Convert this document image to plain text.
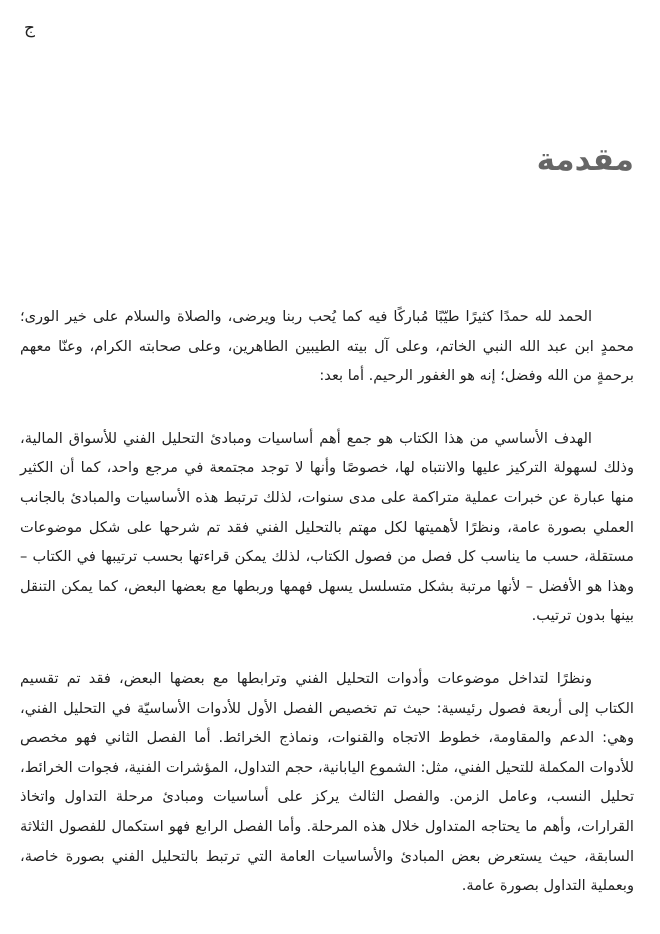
ج
مقدمة

الحمد لله حمدًا كثيرًا طيّبًا مُباركًا فيه كما يُحب ربنا ويرضى، والصلاة والسلام على خير الورى؛ محمدٍ ابن عبد الله النبي الخاتم، وعلى آل بيته الطيبين الطاهرين، وعلى صحابته الكرام، وعنّا معهم برحمةٍ من الله وفضل؛ إنه هو الغفور الرحيم. أما بعد:

الهدف الأساسي من هذا الكتاب هو جمع أهم أساسيات ومبادئ التحليل الفني للأسواق المالية، وذلك لسهولة التركيز عليها والانتباه لها، خصوصًا وأنها لا توجد مجتمعة في مرجع واحد، كما أن الكثير منها عبارة عن خبرات عملية متراكمة على مدى سنوات، لذلك ترتبط هذه الأساسيات والمبادئ بالجانب العملي بصورة عامة، ونظرًا لأهميتها لكل مهتم بالتحليل الفني فقد تم شرحها على شكل موضوعات مستقلة، حسب ما يناسب كل فصل من فصول الكتاب، لذلك يمكن قراءتها بحسب ترتيبها في الكتاب – وهذا هو الأفضل – لأنها مرتبة بشكل متسلسل يسهل فهمها وربطها مع بعضها البعض، كما يمكن التنقل بينها بدون ترتيب.

ونظرًا لتداخل موضوعات وأدوات التحليل الفني وترابطها مع بعضها البعض، فقد تم تقسيم الكتاب إلى أربعة فصول رئيسية: حيث تم تخصيص الفصل الأول للأدوات الأساسيّة في التحليل الفني، وهي: الدعم والمقاومة، خطوط الاتجاه والقنوات، ونماذج الخرائط. أما الفصل الثاني فهو مخصص للأدوات المكملة للتحيل الفني، مثل: الشموع اليابانية، حجم التداول، المؤشرات الفنية، فجوات الخرائط، تحليل النسب، وعامل الزمن. والفصل الثالث يركز على أساسيات ومبادئ مرحلة التداول واتخاذ القرارات، وأهم ما يحتاجه المتداول خلال هذه المرحلة. وأما الفصل الرابع فهو استكمال للفصول الثلاثة السابقة، حيث يستعرض بعض المبادئ والأساسيات العامة التي ترتبط بالتحليل الفني بصورة خاصة، وبعملية التداول بصورة عامة.
